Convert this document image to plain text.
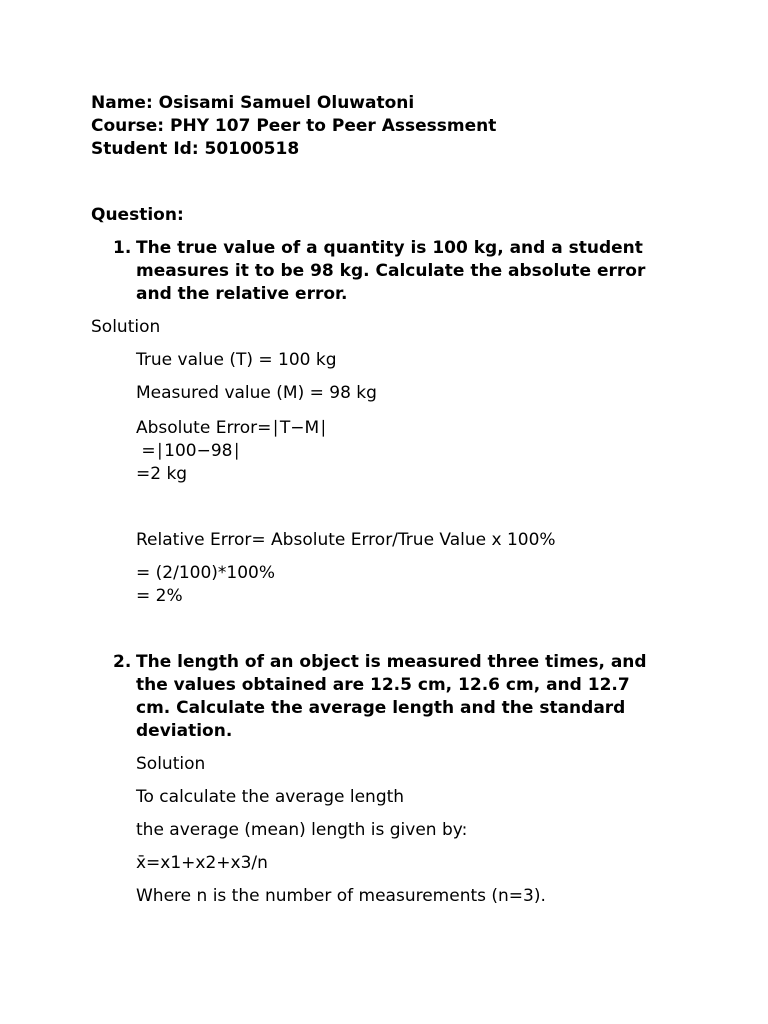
Name: Osisami Samuel Oluwatoni
Course: PHY 107 Peer to Peer Assessment
Student Id: 50100518
Question:
1. The true value of a quantity is 100 kg, and a student
measures it to be 98 kg. Calculate the absolute error
and the relative error.
Solution
True value (T) = 100 kg
Measured value (M) = 98 kg
Absolute Error=∣T−M∣
=∣100−98∣
=2 kg
Relative Error= Absolute Error/True Value x 100%
= (2/100)*100%
= 2%
2. The length of an object is measured three times, and
the values obtained are 12.5 cm, 12.6 cm, and 12.7
cm. Calculate the average length and the standard
deviation.
Solution
To calculate the average length
the average (mean) length is given by:
x̄=x1+x2+x3/n
Where n is the number of measurements (n=3).
